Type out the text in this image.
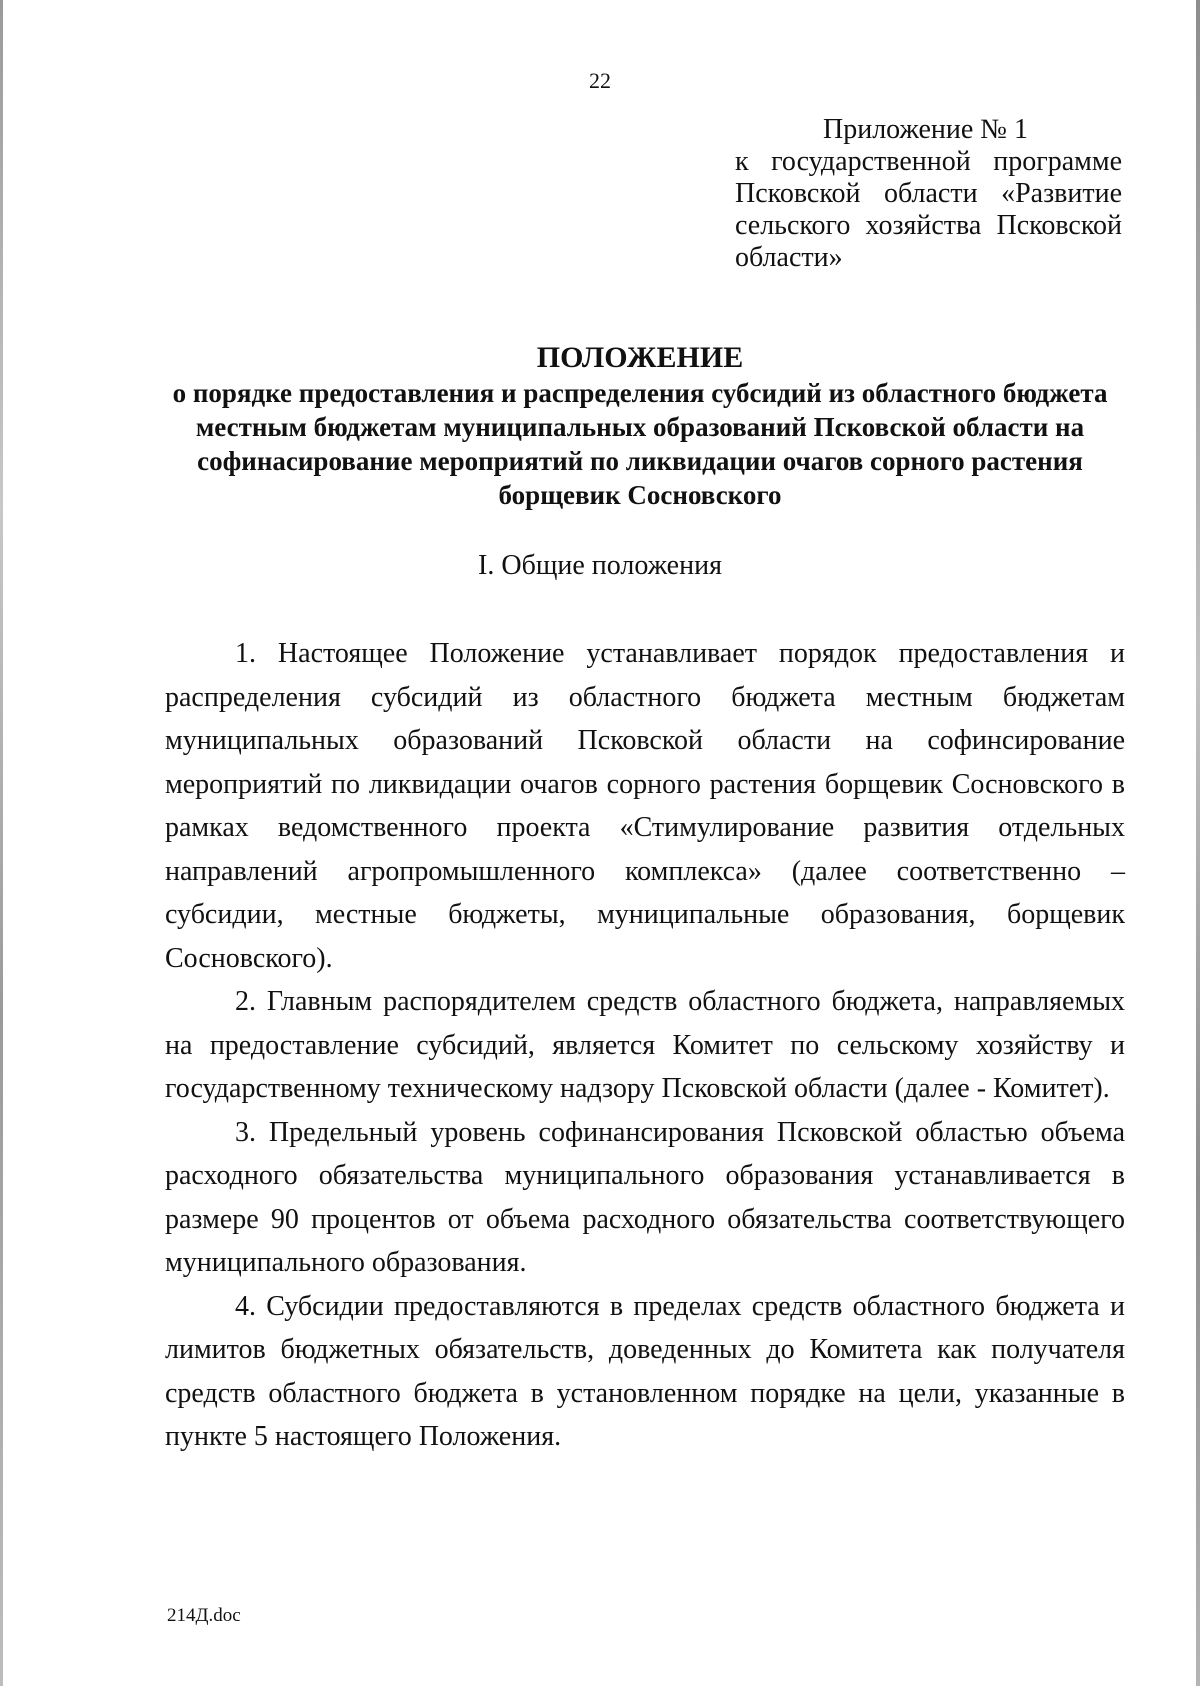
22
Приложение № 1
к государственной программе Псковской области «Развитие сельского хозяйства Псковской области»
ПОЛОЖЕНИЕ
о порядке предоставления и распределения субсидий из областного бюджета местным бюджетам муниципальных образований Псковской области на софинасирование мероприятий по ликвидации очагов сорного растения борщевик Сосновского
I. Общие положения

1. Настоящее Положение устанавливает порядок предоставления и распределения субсидий из областного бюджета местным бюджетам муниципальных образований Псковской области на софинсирование мероприятий по ликвидации очагов сорного растения борщевик Сосновского в рамках ведомственного проекта «Стимулирование развития отдельных направлений агропромышленного комплекса» (далее соответственно – субсидии, местные бюджеты, муниципальные образования, борщевик Сосновского).

2. Главным распорядителем средств областного бюджета, направляемых на предоставление субсидий, является Комитет по сельскому хозяйству и государственному техническому надзору Псковской области (далее - Комитет).

3. Предельный уровень софинансирования Псковской областью объема расходного обязательства муниципального образования устанавливается в размере 90 процентов от объема расходного обязательства соответствующего муниципального образования.

4. Субсидии предоставляются в пределах средств областного бюджета и лимитов бюджетных обязательств, доведенных до Комитета как получателя средств областного бюджета в установленном порядке на цели, указанные в пункте 5 настоящего Положения.

214Д.doc
